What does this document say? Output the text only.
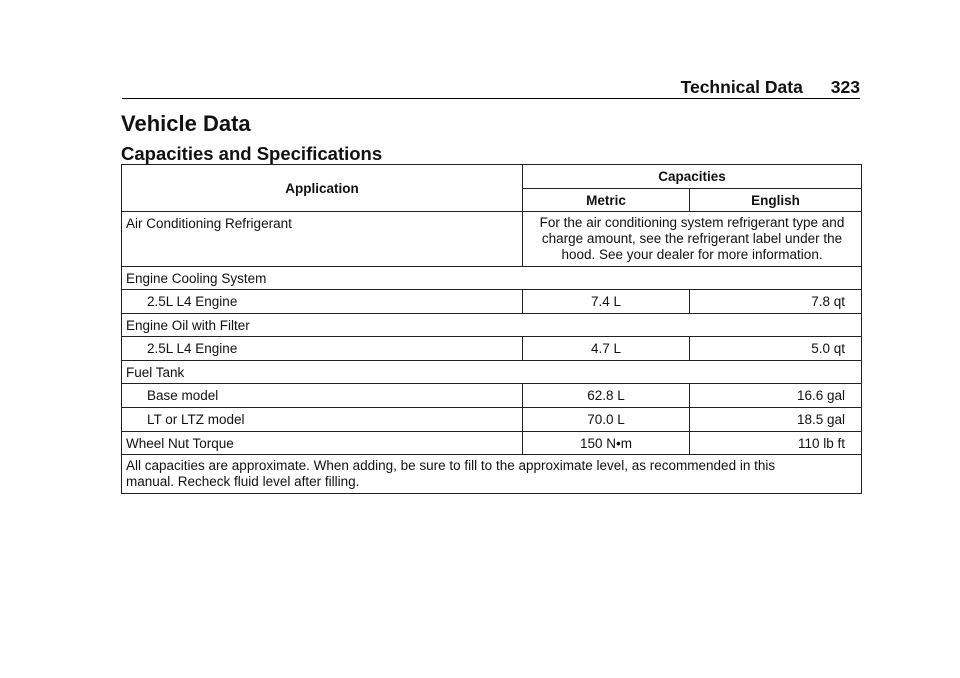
Technical Data 323
Vehicle Data
Capacities and Specifications
Application	Capacities	
	Metric	English
Air Conditioning Refrigerant	For the air conditioning system refrigerant type and
charge amount, see the refrigerant label under the
hood. See your dealer for more information.	

Engine Cooling System		
2.5L L4 Engine	7.4 L	7.8 qt
Engine Oil with Filter		
2.5L L4 Engine	4.7 L	5.0 qt
Fuel Tank		
Base model	62.8 L	16.6 gal
LT or LTZ model	70.0 L	18.5 gal
Wheel Nut Torque	150 N•m	110 lb ft

All capacities are approximate. When adding, be sure to fill to the approximate level, as recommended in this
manual. Recheck fluid level after filling.		
